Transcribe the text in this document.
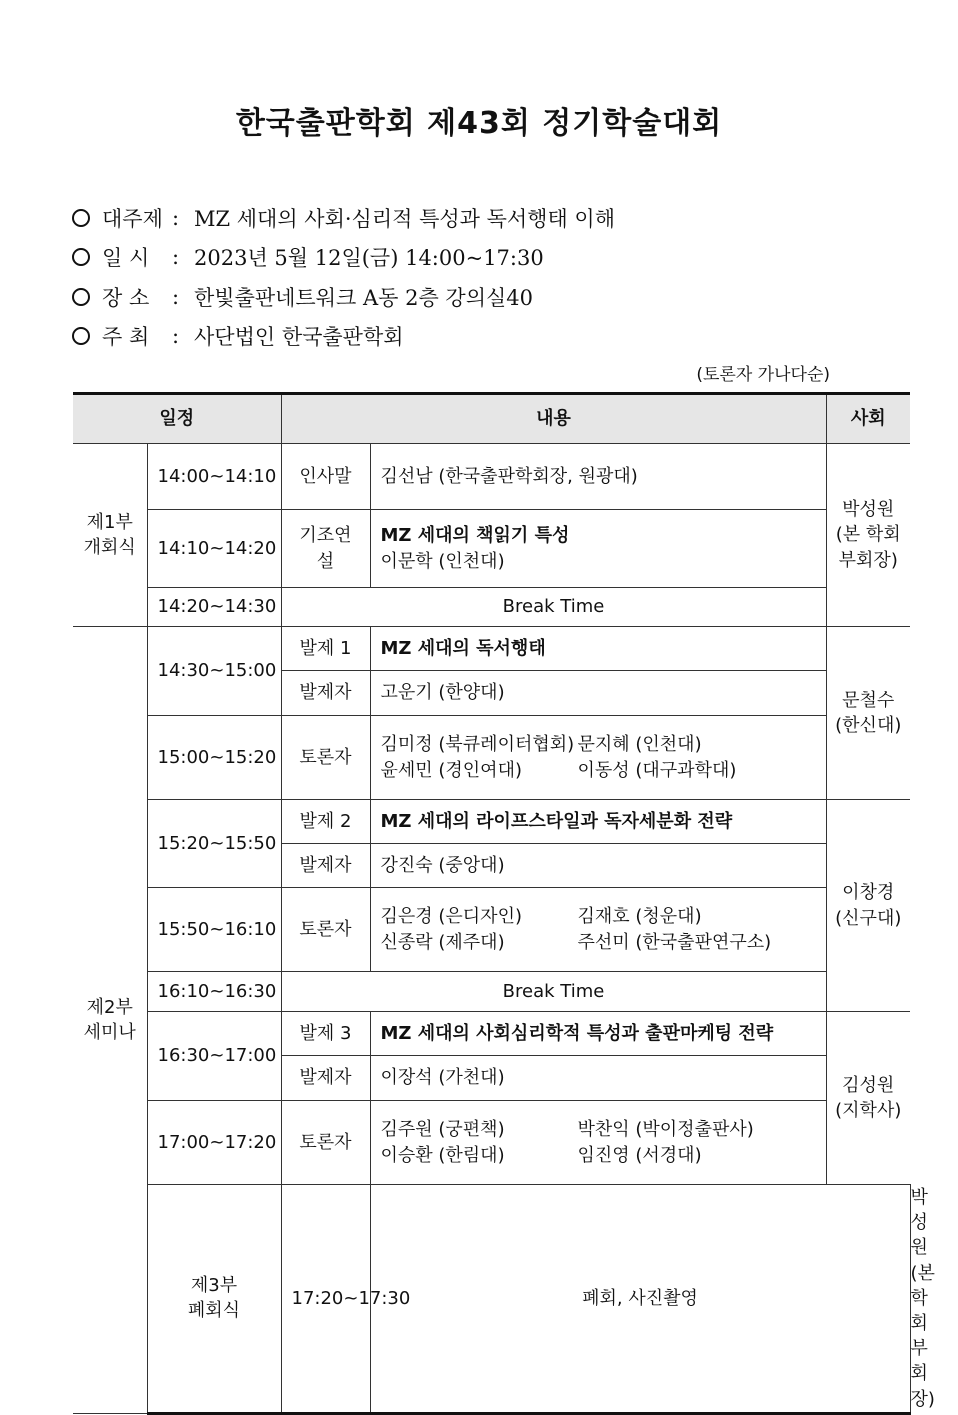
한국출판학회 제43회 정기학술대회
대주제 : MZ 세대의 사회·심리적 특성과 독서행태 이해
일 시	: 2023년 5월 12일(금) 14:00~17:30
장 소	: 한빛출판네트워크 A동 2층 강의실40
주 최	: 사단법인 한국출판학회
(토론자 가나다순)
일정		내용		사회	
제1부
개회식	14:00~14:10	인사말	김선남 (한국출판학회장, 원광대)	박성원
(본 학회
부회장)	
	14:10~14:20	기조연설	MZ 세대의 책읽기 특성
이문학 (인천대)		

	14:20~14:30	Break Time			
제2부
세미나	14:30~15:00	발제 1	MZ 세대의 독서행태	문철수
(한신대)	
		발제자	고운기 (한양대)		
	15:00~15:20	토론자	김미정 (북큐레이터협회) 문지혜 (인천대)
윤세민 (경인여대) 이동성 (대구과학대)		

	15:20~15:50	발제 2	MZ 세대의 라이프스타일과 독자세분화 전략	이창경
(신구대)	
		발제자	강진숙 (중앙대)		
	15:50~16:10	토론자	김은경 (은디자인) 김재호 (청운대)
신종락 (제주대) 주선미 (한국출판연구소)		

	16:10~16:30	Break Time			
	16:30~17:00	발제 3	MZ 세대의 사회심리학적 특성과 출판마케팅 전략	김성원
(지학사)	
		발제자	이장석 (가천대)		
	17:00~17:20	토론자	김주원 (궁편책) 박찬익 (박이정출판사)
이승환 (한림대) 임진영 (서경대)		

	제3부
폐회식	17:20~17:30	폐회, 사진촬영		박성원
(본 학회
부회장)
